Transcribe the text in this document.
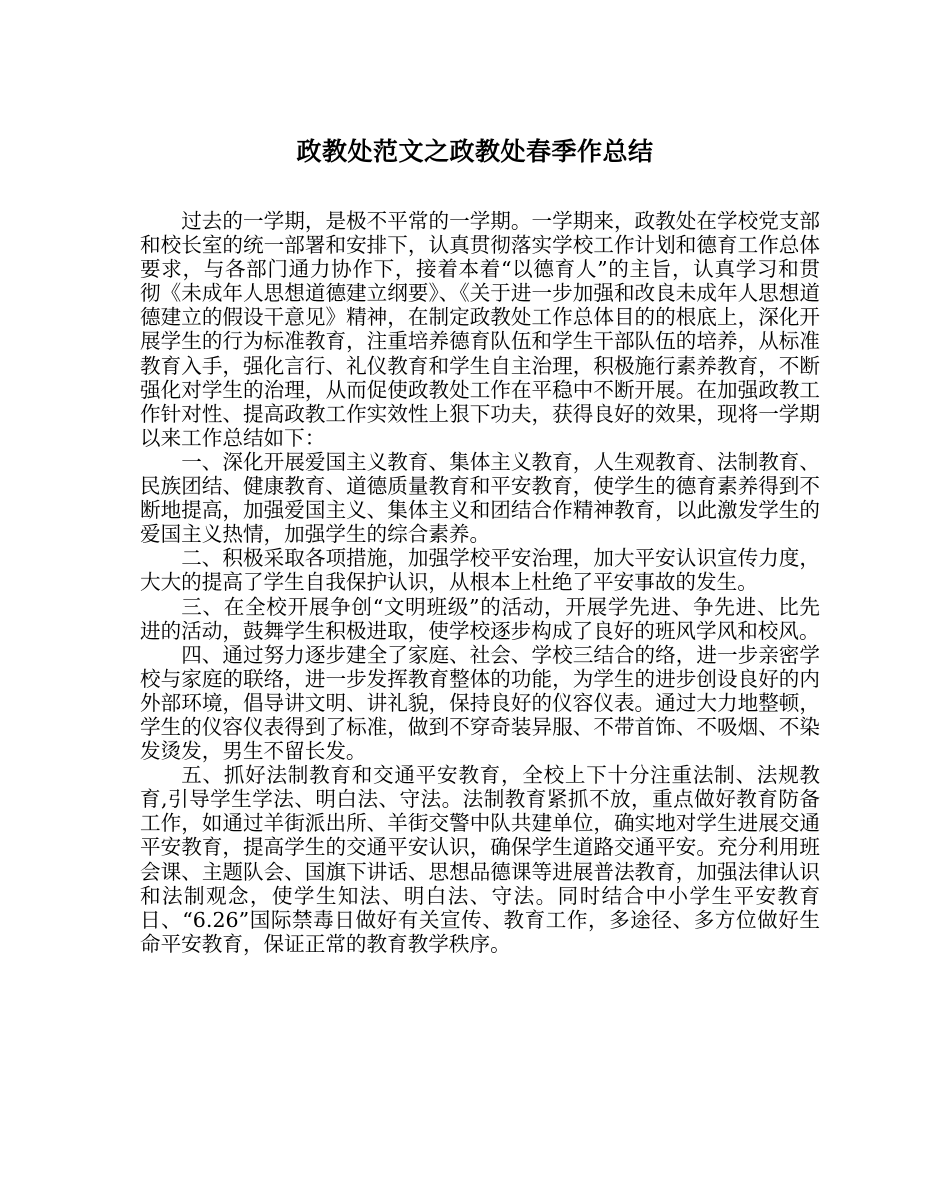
政教处范文之政教处春季作总结

过去的一学期，是极不平常的一学期。一学期来，政教处在学校党支部和校长室的统一部署和安排下，认真贯彻落实学校工作计划和德育工作总体要求，与各部门通力协作下，接着本着“以德育人”的主旨，认真学习和贯彻《未成年人思想道德建立纲要》、《关于进一步加强和改良未成年人思想道德建立的假设干意见》精神，在制定政教处工作总体目的的根底上，深化开展学生的行为标准教育，注重培养德育队伍和学生干部队伍的培养，从标准教育入手，强化言行、礼仪教育和学生自主治理，积极施行素养教育，不断强化对学生的治理，从而促使政教处工作在平稳中不断开展。在加强政教工作针对性、提高政教工作实效性上狠下功夫，获得良好的效果，现将一学期以来工作总结如下：

一、深化开展爱国主义教育、集体主义教育，人生观教育、法制教育、民族团结、健康教育、道德质量教育和平安教育，使学生的德育素养得到不断地提高，加强爱国主义、集体主义和团结合作精神教育，以此激发学生的爱国主义热情，加强学生的综合素养。

二、积极采取各项措施，加强学校平安治理，加大平安认识宣传力度，大大的提高了学生自我保护认识，从根本上杜绝了平安事故的发生。

三、在全校开展争创“文明班级”的活动，开展学先进、争先进、比先进的活动，鼓舞学生积极进取，使学校逐步构成了良好的班风学风和校风。

四、通过努力逐步建全了家庭、社会、学校三结合的络，进一步亲密学校与家庭的联络，进一步发挥教育整体的功能，为学生的进步创设良好的内外部环境，倡导讲文明、讲礼貌，保持良好的仪容仪表。通过大力地整顿，学生的仪容仪表得到了标准，做到不穿奇装异服、不带首饰、不吸烟、不染发烫发，男生不留长发。

五、抓好法制教育和交通平安教育，全校上下十分注重法制、法规教育,引导学生学法、明白法、守法。法制教育紧抓不放，重点做好教育防备工作，如通过羊街派出所、羊街交警中队共建单位，确实地对学生进展交通平安教育，提高学生的交通平安认识，确保学生道路交通平安。充分利用班会课、主题队会、国旗下讲话、思想品德课等进展普法教育，加强法律认识和法制观念，使学生知法、明白法、守法。同时结合中小学生平安教育日、“6.26”国际禁毒日做好有关宣传、教育工作，多途径、多方位做好生命平安教育，保证正常的教育教学秩序。
